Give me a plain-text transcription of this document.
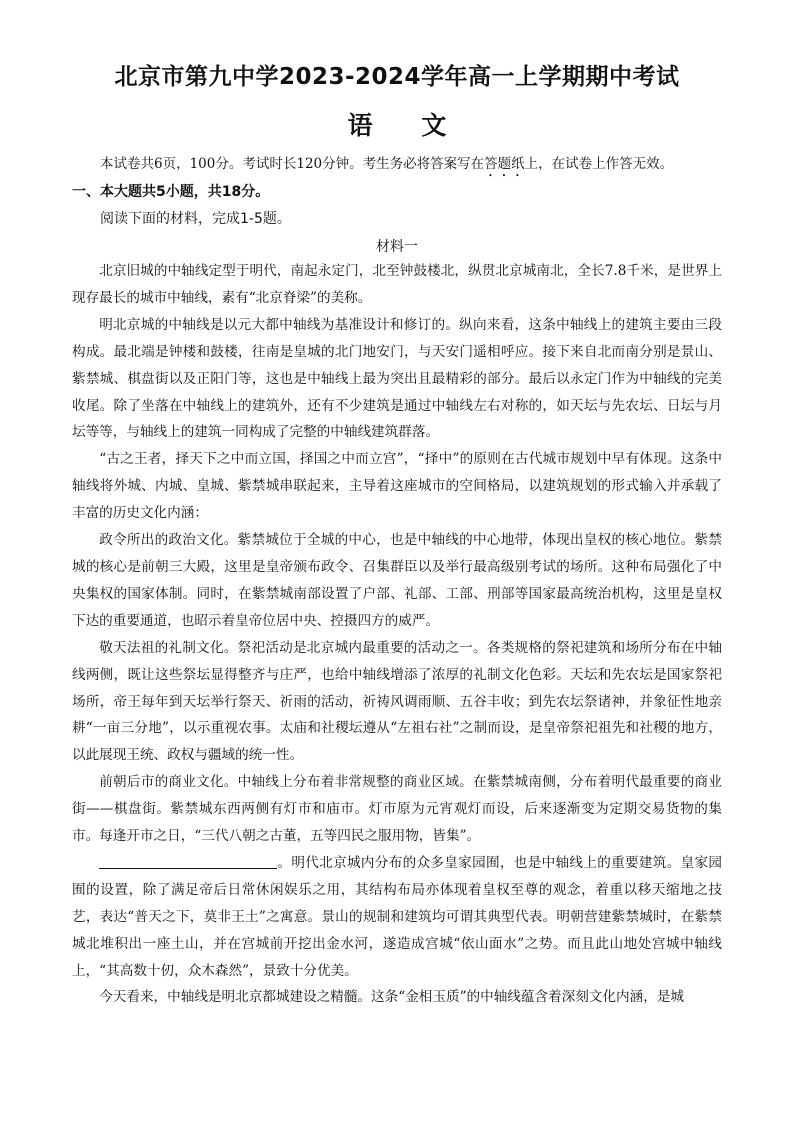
北京市第九中学2023-2024学年高一上学期期中考试
语 文
本试卷共6页，100分。考试时长120分钟。考生务必将答案写在答题纸上，在试卷上作答无效。
一、本大题共5小题，共18分。
阅读下面的材料，完成1-5题。
材料一

北京旧城的中轴线定型于明代，南起永定门，北至钟鼓楼北，纵贯北京城南北，全长7.8千米，是世界上现存最长的城市中轴线，素有“北京脊梁”的美称。

明北京城的中轴线是以元大都中轴线为基准设计和修订的。纵向来看，这条中轴线上的建筑主要由三段构成。最北端是钟楼和鼓楼，往南是皇城的北门地安门，与天安门遥相呼应。接下来自北而南分别是景山、紫禁城、棋盘街以及正阳门等，这也是中轴线上最为突出且最精彩的部分。最后以永定门作为中轴线的完美收尾。除了坐落在中轴线上的建筑外，还有不少建筑是通过中轴线左右对称的，如天坛与先农坛、日坛与月坛等等，与轴线上的建筑一同构成了完整的中轴线建筑群落。

“古之王者，择天下之中而立国，择国之中而立宫”，“择中”的原则在古代城市规划中早有体现。这条中轴线将外城、内城、皇城、紫禁城串联起来，主导着这座城市的空间格局，以建筑规划的形式输入并承载了丰富的历史文化内涵：

政令所出的政治文化。紫禁城位于全城的中心，也是中轴线的中心地带，体现出皇权的核心地位。紫禁城的核心是前朝三大殿，这里是皇帝颁布政令、召集群臣以及举行最高级别考试的场所。这种布局强化了中央集权的国家体制。同时，在紫禁城南部设置了户部、礼部、工部、刑部等国家最高统治机构，这里是皇权下达的重要通道，也昭示着皇帝位居中央、控摄四方的威严。

敬天法祖的礼制文化。祭祀活动是北京城内最重要的活动之一。各类规格的祭祀建筑和场所分布在中轴线两侧，既让这些祭坛显得整齐与庄严，也给中轴线增添了浓厚的礼制文化色彩。天坛和先农坛是国家祭祀场所，帝王每年到天坛举行祭天、祈雨的活动，祈祷风调雨顺、五谷丰收；到先农坛祭诸神，并象征性地亲耕“一亩三分地”，以示重视农事。太庙和社稷坛遵从“左祖右社”之制而设，是皇帝祭祀祖先和社稷的地方，以此展现王统、政权与疆域的统一性。

前朝后市的商业文化。中轴线上分布着非常规整的商业区域。在紫禁城南侧，分布着明代最重要的商业街——棋盘街。紫禁城东西两侧有灯市和庙市。灯市原为元宵观灯而设，后来逐渐变为定期交易货物的集市。每逢开市之日，“三代八朝之古董，五等四民之服用物，皆集”。

。明代北京城内分布的众多皇家园囿，也是中轴线上的重要建筑。皇家园囿的设置，除了满足帝后日常休闲娱乐之用，其结构布局亦体现着皇权至尊的观念，着重以移天缩地之技艺，表达“普天之下，莫非王土”之寓意。景山的规制和建筑均可谓其典型代表。明朝营建紫禁城时，在紫禁城北堆积出一座土山，并在宫城前开挖出金水河，遂造成宫城“依山面水”之势。而且此山地处宫城中轴线上，“其高数十仞，众木森然”，景致十分优美。

今天看来，中轴线是明北京都城建设之精髓。这条“金相玉质”的中轴线蕴含着深刻文化内涵，是城
